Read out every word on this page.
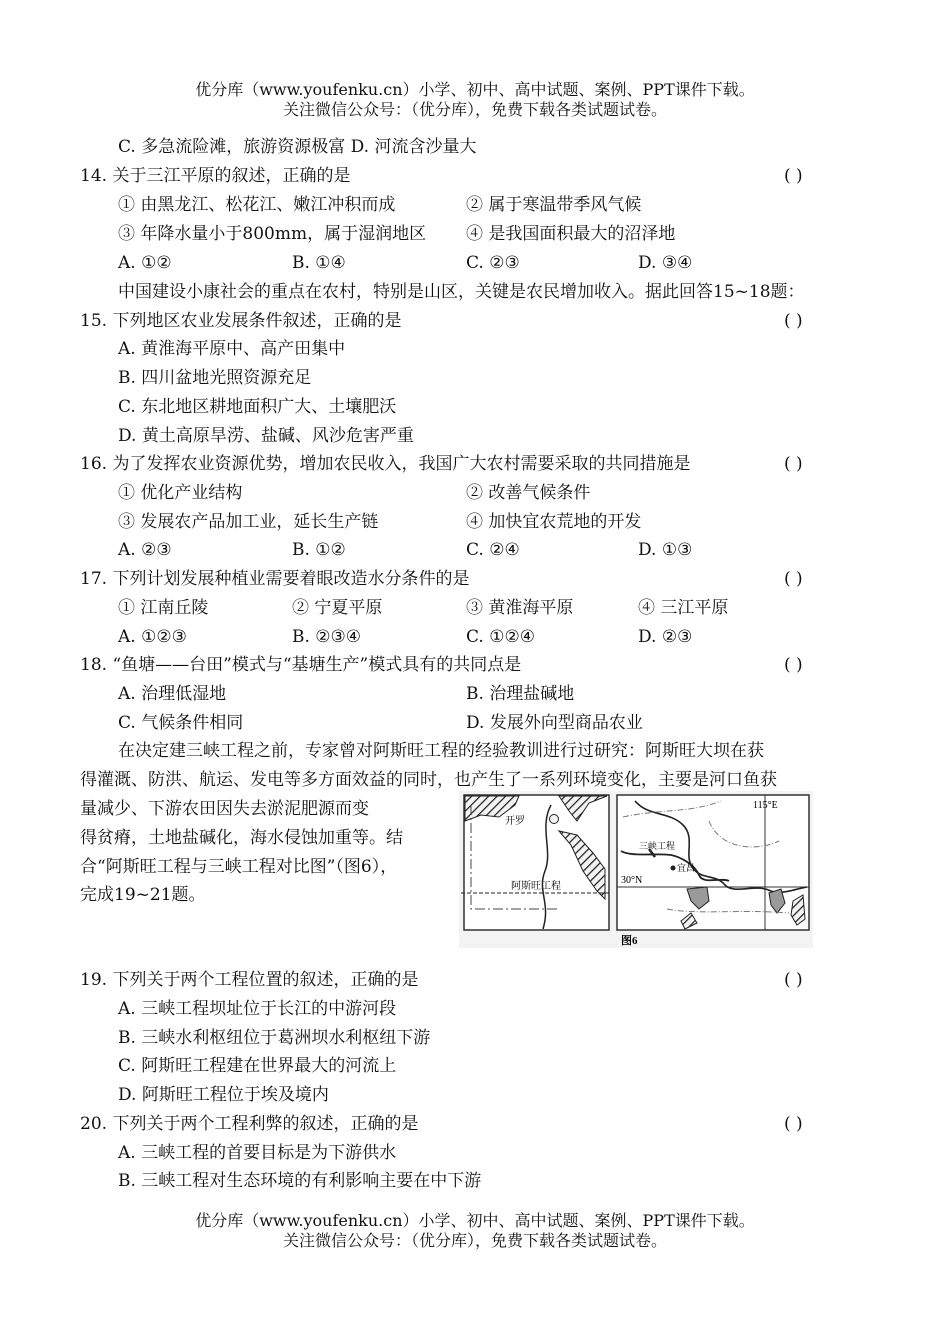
优分库（www.youfenku.cn）小学、初中、高中试题、案例、PPT课件下载。
关注微信公众号：（优分库），免费下载各类试题试卷。
C. 多急流险滩，旅游资源极富 D. 河流含沙量大
14. 关于三江平原的叙述，正确的是	( )
① 由黑龙江、松花江、嫩江冲积而成	② 属于寒温带季风气候
③ 年降水量小于800mm，属于湿润地区 ④ 是我国面积最大的沼泽地
A. ①②	B. ①④	C. ②③	D. ③④
中国建设小康社会的重点在农村，特别是山区，关键是农民增加收入。据此回答15~18题：
15. 下列地区农业发展条件叙述，正确的是	( )
A. 黄淮海平原中、高产田集中
B. 四川盆地光照资源充足
C. 东北地区耕地面积广大、土壤肥沃
D. 黄土高原旱涝、盐碱、风沙危害严重
16. 为了发挥农业资源优势，增加农民收入，我国广大农村需要采取的共同措施是	( )
① 优化产业结构	② 改善气候条件
③ 发展农产品加工业，延长生产链	④ 加快宜农荒地的开发
A. ②③	B. ①②	C. ②④	D. ①③
17. 下列计划发展种植业需要着眼改造水分条件的是	( )
① 江南丘陵	② 宁夏平原	③ 黄淮海平原	④ 三江平原
A. ①②③	B. ②③④	C. ①②④	D. ②③
18. “鱼塘——台田”模式与“基塘生产”模式具有的共同点是	( )
A. 治理低湿地	B. 治理盐碱地
C. 气候条件相同	D. 发展外向型商品农业
在决定建三峡工程之前，专家曾对阿斯旺工程的经验教训进行过研究：阿斯旺大坝在获
得灌溉、防洪、航运、发电等多方面效益的同时，也产生了一系列环境变化，主要是河口鱼获
量减少、下游农田因失去淤泥肥源而变
得贫瘠，土地盐碱化，海水侵蚀加重等。结
合“阿斯旺工程与三峡工程对比图”（图6），
完成19~21题。
开罗
阿斯旺工程
三峡工程
宜昌
115°E
30°N
图6
19. 下列关于两个工程位置的叙述，正确的是	( )
A. 三峡工程坝址位于长江的中游河段
B. 三峡水利枢纽位于葛洲坝水利枢纽下游
C. 阿斯旺工程建在世界最大的河流上
D. 阿斯旺工程位于埃及境内
20. 下列关于两个工程利弊的叙述，正确的是	( )
A. 三峡工程的首要目标是为下游供水
B. 三峡工程对生态环境的有利影响主要在中下游
优分库（www.youfenku.cn）小学、初中、高中试题、案例、PPT课件下载。
关注微信公众号：（优分库），免费下载各类试题试卷。
